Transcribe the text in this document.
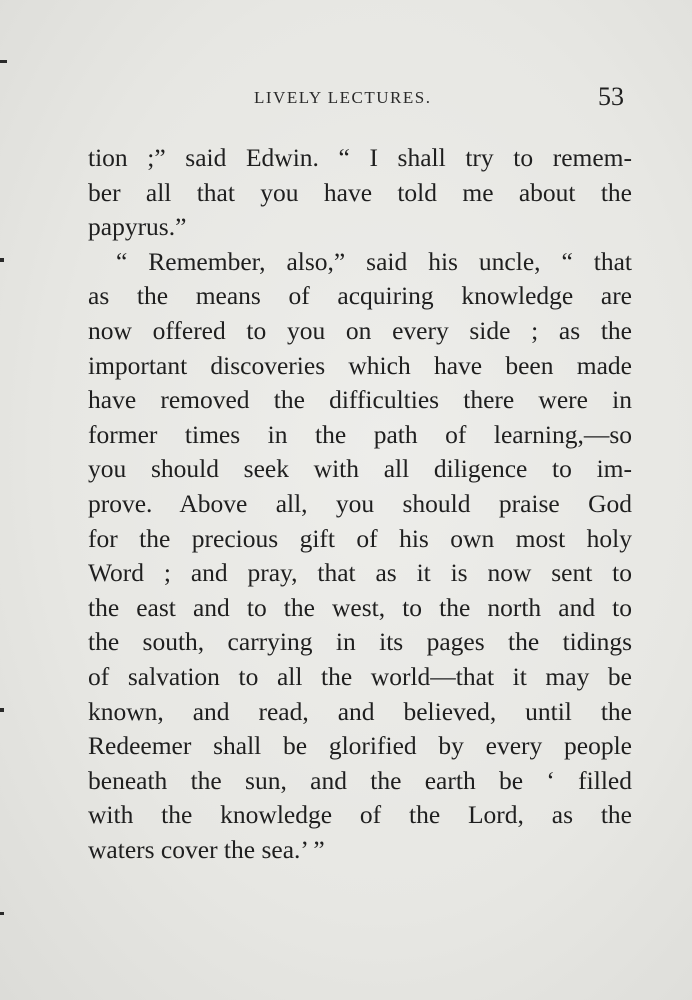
LIVELY LECTURES.	53
tion ;” said Edwin. “ I shall try to remem-
ber all that you have told me about the
papyrus.”
“ Remember, also,” said his uncle, “ that
as the means of acquiring knowledge are
now offered to you on every side ; as the
important discoveries which have been made
have removed the difficulties there were in
former times in the path of learning,—so
you should seek with all diligence to im-
prove. Above all, you should praise God
for the precious gift of his own most holy
Word ; and pray, that as it is now sent to
the east and to the west, to the north and to
the south, carrying in its pages the tidings
of salvation to all the world—that it may be
known, and read, and believed, until the
Redeemer shall be glorified by every people
beneath the sun, and the earth be ‘ filled
with the knowledge of the Lord, as the
waters cover the sea.’ ”
